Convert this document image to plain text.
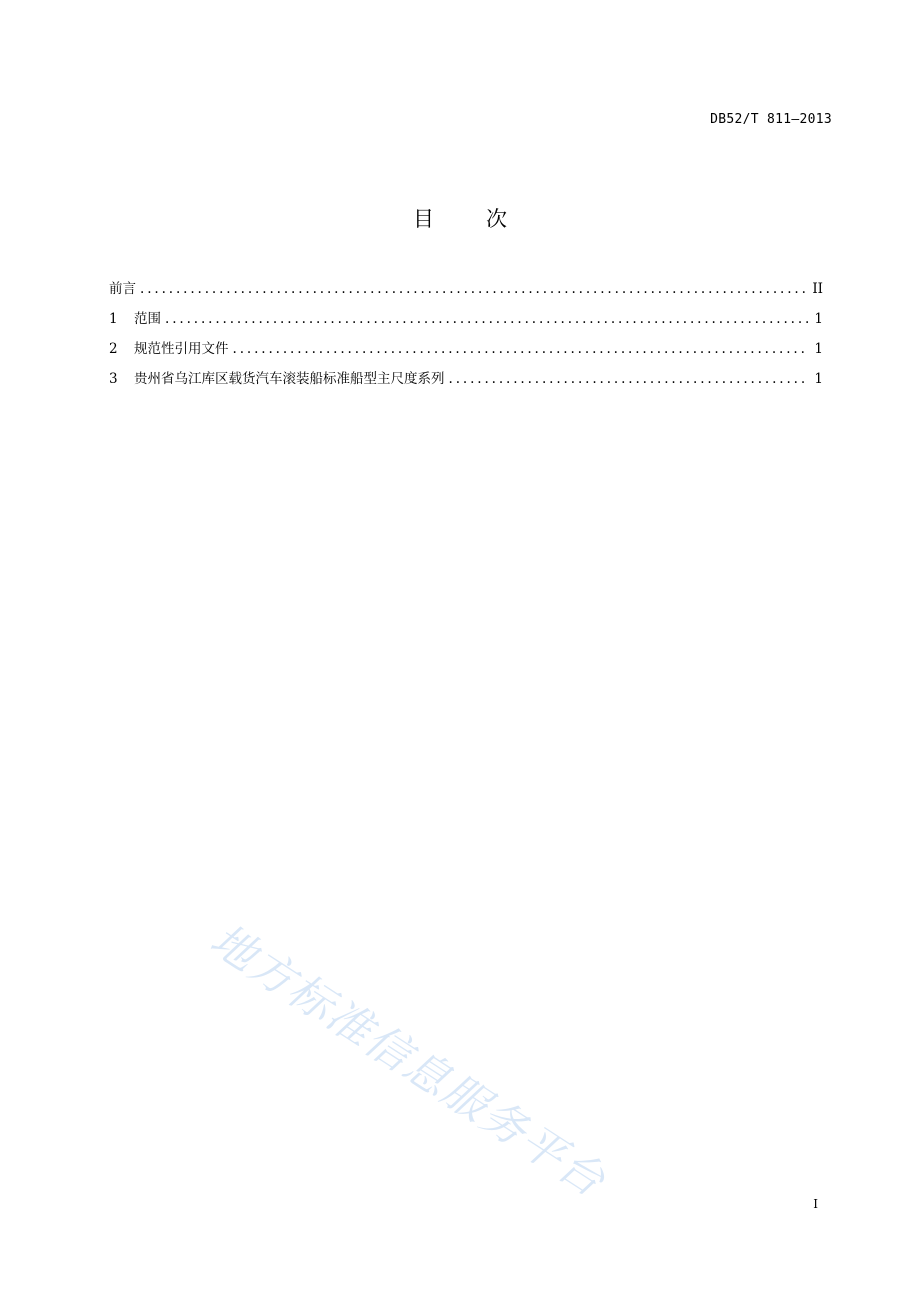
DB52/T 811—2013
目 次
前言 .....	II
1	范围 .....	1
2	规范性引用文件 .....	1
3	贵州省乌江库区载货汽车滚装船标准船型主尺度系列 .....	1
地方标准信息服务平台	I
